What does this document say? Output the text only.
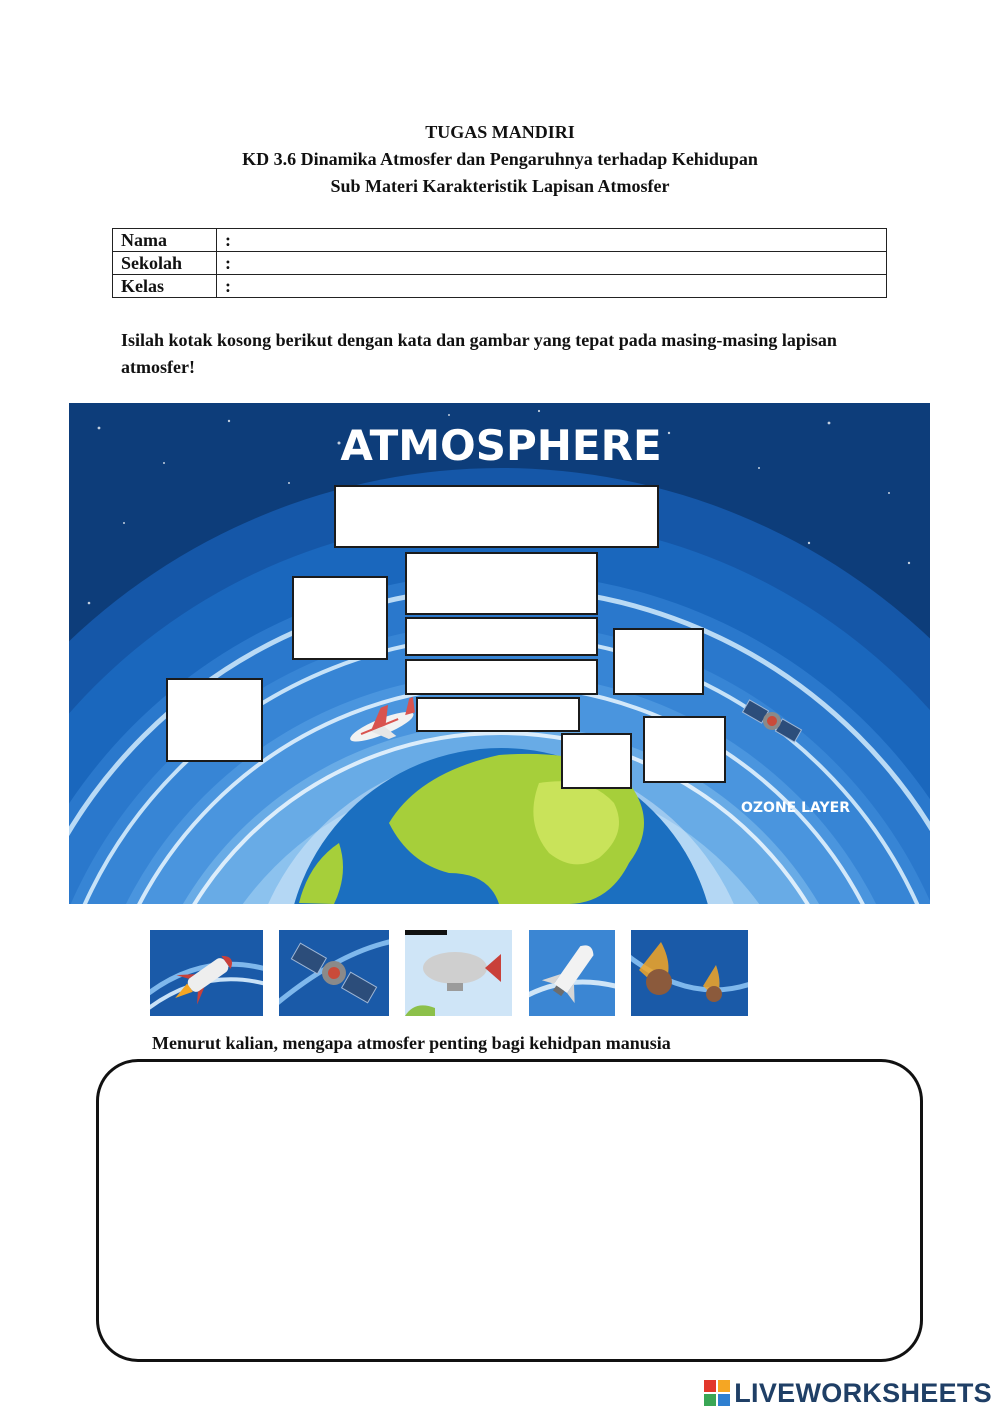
TUGAS MANDIRI
KD 3.6 Dinamika Atmosfer dan Pengaruhnya terhadap Kehidupan
Sub Materi Karakteristik Lapisan Atmosfer
Nama	:
Sekolah	:
Kelas	:
Isilah kotak kosong berikut dengan kata dan gambar yang tepat pada masing-masing lapisan atmosfer!
ATMOSPHERE
OZONE LAYER
Menurut kalian, mengapa atmosfer penting bagi kehidpan manusia
LIVEWORKSHEETS
